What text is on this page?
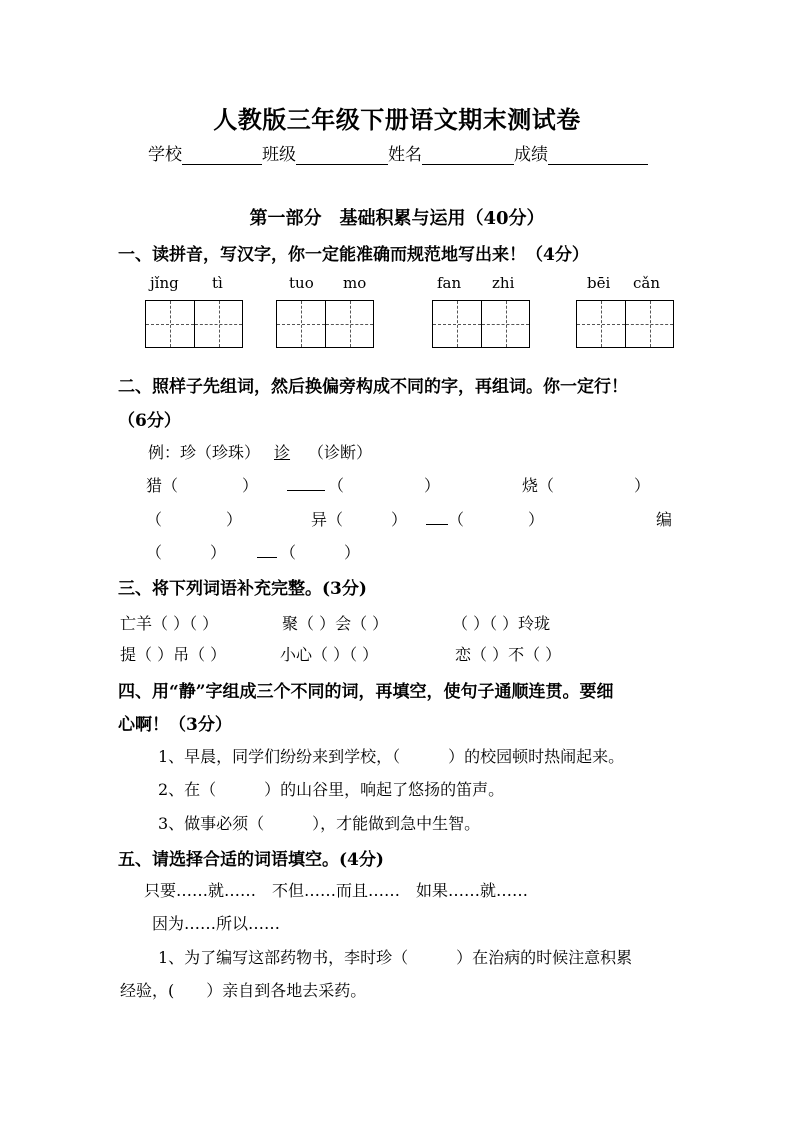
人教版三年级下册语文期末测试卷
学校	班级	姓名	成绩
第一部分　基础积累与运用（40分）
一、读拼音，写汉字，你一定能准确而规范地写出来！（4分）
jǐng tì	tuo mo	fan zhi	bēi cǎn
二、照样子先组词，然后换偏旁构成不同的字，再组词。你一定行！
（6分）
例：珍（珍珠） 诊 （诊断）
猎（　　　　）	（　　　　　）	烧（　　　　　）
（　　　　）	异（　　　）	（　　　　）	编
（　　　）	（　　　）
三、将下列词语补充完整。(3分)
亡羊（ ）（ ）	聚（ ）会（ ）	（ ）（ ）玲珑
提（ ）吊（ ）	小心（ ）（ ）	恋（ ）不（ ）
四、用“静”字组成三个不同的词，再填空，使句子通顺连贯。要细
心啊！（3分）
1、早晨，同学们纷纷来到学校，（　　　）的校园顿时热闹起来。
2、在（　　　）的山谷里，响起了悠扬的笛声。
3、做事必须（　　　），才能做到急中生智。
五、请选择合适的词语填空。(4分)
只要……就……　不但……而且……　如果……就……
因为……所以……
1、为了编写这部药物书，李时珍（　　　）在治病的时候注意积累
经验，(　　）亲自到各地去采药。
